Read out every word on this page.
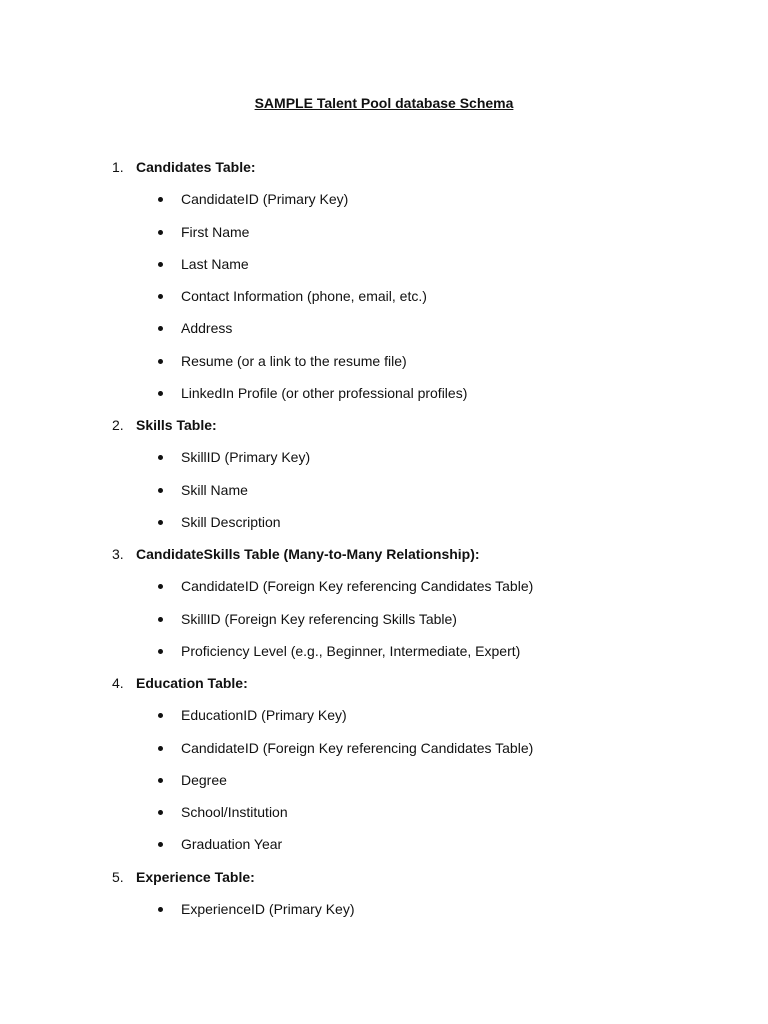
SAMPLE Talent Pool database Schema
1. Candidates Table:
CandidateID (Primary Key)
First Name
Last Name
Contact Information (phone, email, etc.)
Address
Resume (or a link to the resume file)
LinkedIn Profile (or other professional profiles)
2. Skills Table:
SkillID (Primary Key)
Skill Name
Skill Description
3. CandidateSkills Table (Many-to-Many Relationship):
CandidateID (Foreign Key referencing Candidates Table)
SkillID (Foreign Key referencing Skills Table)
Proficiency Level (e.g., Beginner, Intermediate, Expert)
4. Education Table:
EducationID (Primary Key)
CandidateID (Foreign Key referencing Candidates Table)
Degree
School/Institution
Graduation Year
5. Experience Table:
ExperienceID (Primary Key)
